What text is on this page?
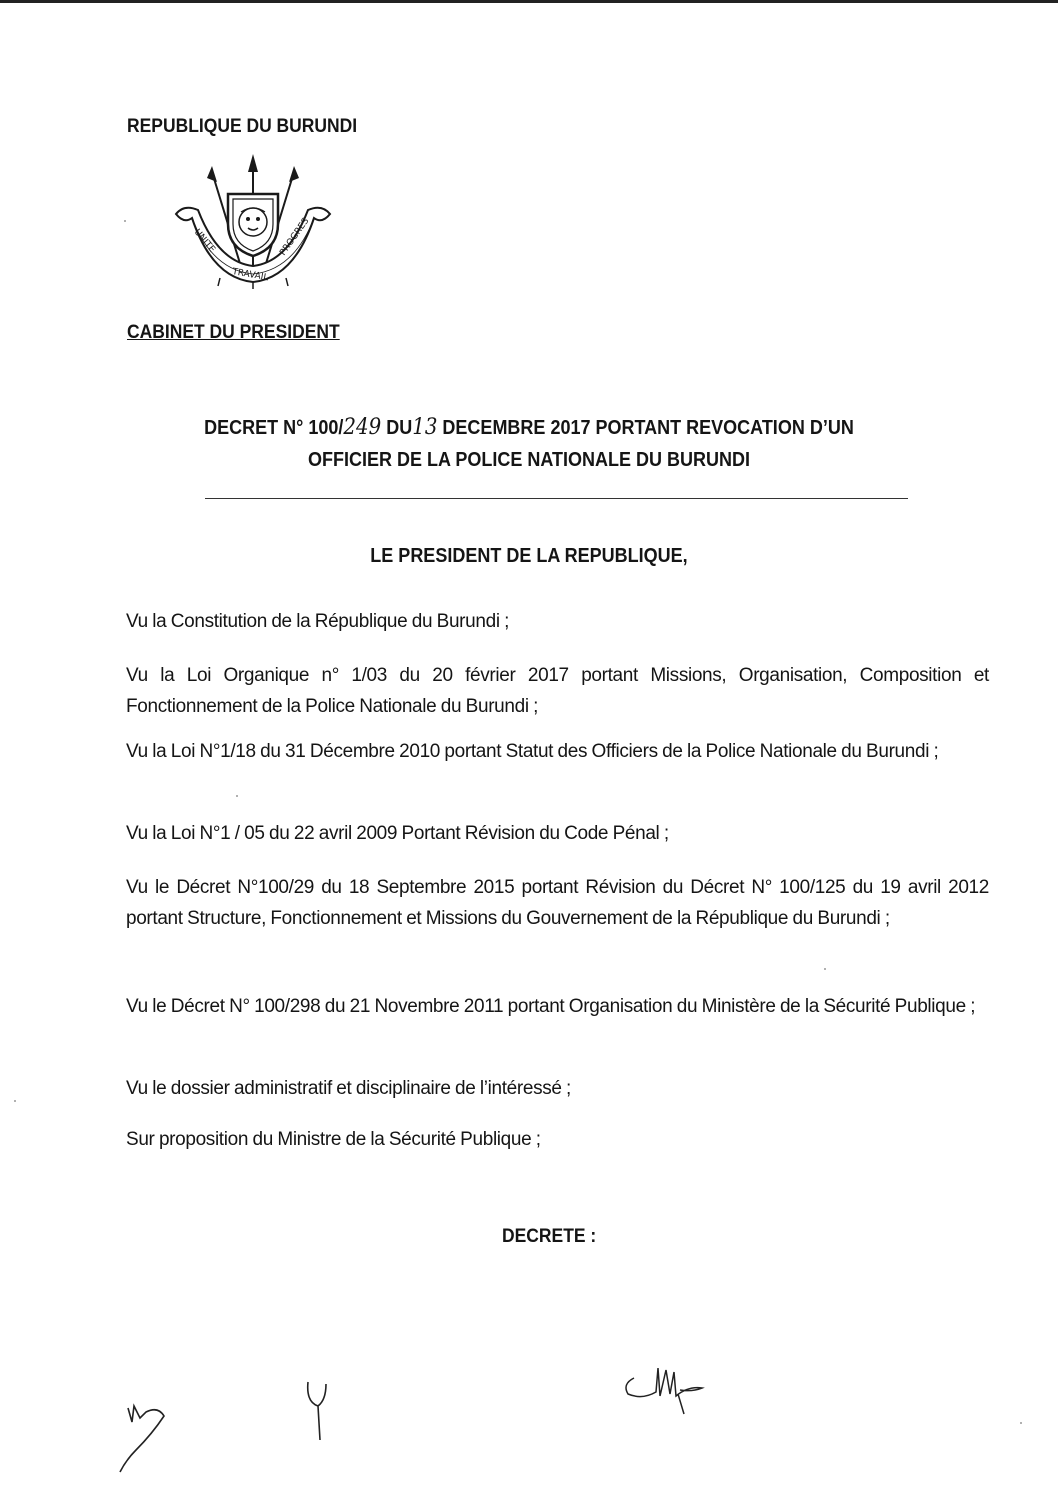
REPUBLIQUE DU BURUNDI
UNITE
TRAVAIL
PROGRES
CABINET DU PRESIDENT
DECRET N° 100/249 DU13 DECEMBRE 2017 PORTANT REVOCATION D’UN
OFFICIER DE LA POLICE NATIONALE DU BURUNDI
LE PRESIDENT DE LA REPUBLIQUE,
Vu la Constitution de la République du Burundi ;
Vu la Loi Organique n° 1/03 du 20 février 2017 portant Missions, Organisation, Composition et Fonctionnement de la Police Nationale du Burundi ;
Vu la Loi N°1/18 du 31 Décembre 2010 portant Statut des Officiers de la Police Nationale du Burundi ;
Vu la Loi N°1 / 05 du 22 avril 2009 Portant Révision du Code Pénal ;
Vu le Décret N°100/29 du 18 Septembre 2015 portant Révision du Décret N° 100/125 du 19 avril 2012 portant Structure, Fonctionnement et Missions du Gouvernement de la République du Burundi ;
Vu le Décret N° 100/298 du 21 Novembre 2011 portant Organisation du Ministère de la Sécurité Publique ;
Vu le dossier administratif et disciplinaire de l’intéressé ;
Sur proposition du Ministre de la Sécurité Publique ;
DECRETE :
